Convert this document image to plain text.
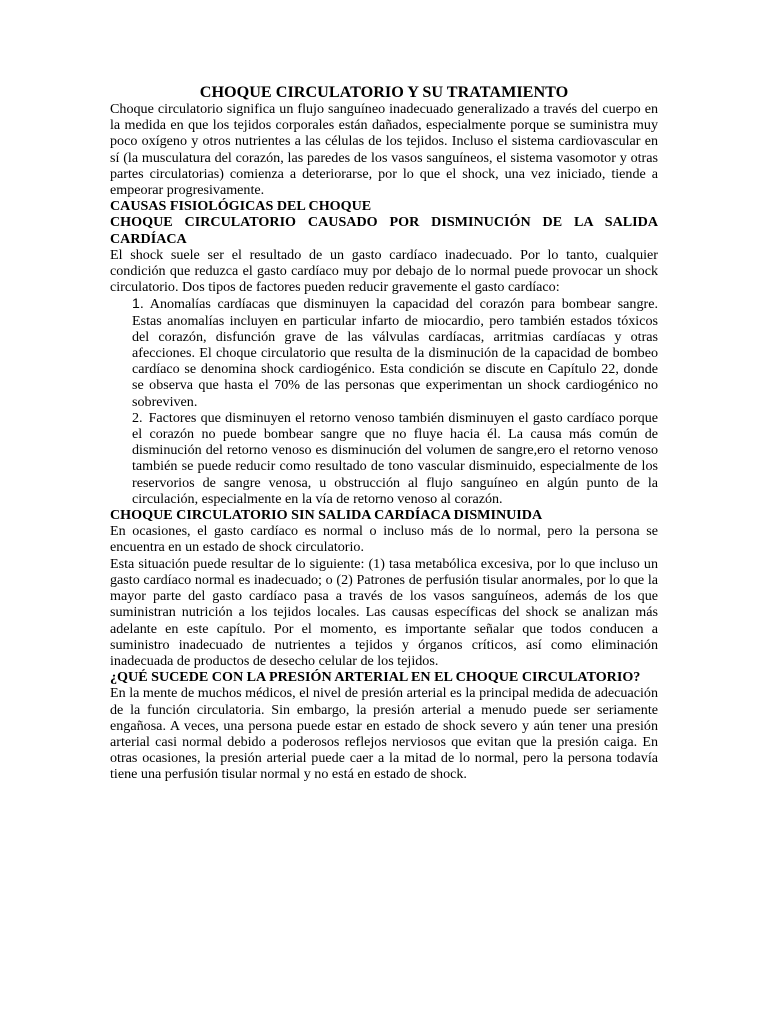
CHOQUE CIRCULATORIO Y SU TRATAMIENTO

Choque circulatorio significa un flujo sanguíneo inadecuado generalizado a través del cuerpo en la medida en que los tejidos corporales están dañados, especialmente porque se suministra muy poco oxígeno y otros nutrientes a las células de los tejidos. Incluso el sistema cardiovascular en sí (la musculatura del corazón, las paredes de los vasos sanguíneos, el sistema vasomotor y otras partes circulatorias) comienza a deteriorarse, por lo que el shock, una vez iniciado, tiende a empeorar progresivamente.

CAUSAS FISIOLÓGICAS DEL CHOQUE
CHOQUE CIRCULATORIO CAUSADO POR DISMINUCIÓN DE LA SALIDA CARDÍACA

El shock suele ser el resultado de un gasto cardíaco inadecuado. Por lo tanto, cualquier condición que reduzca el gasto cardíaco muy por debajo de lo normal puede provocar un shock circulatorio. Dos tipos de factores pueden reducir gravemente el gasto cardíaco:

1. Anomalías cardíacas que disminuyen la capacidad del corazón para bombear sangre. Estas anomalías incluyen en particular infarto de miocardio, pero también estados tóxicos del corazón, disfunción grave de las válvulas cardíacas, arritmias cardíacas y otras afecciones. El choque circulatorio que resulta de la disminución de la capacidad de bombeo cardíaco se denomina shock cardiogénico. Esta condición se discute en Capítulo 22, donde se observa que hasta el 70% de las personas que experimentan un shock cardiogénico no sobreviven.
2. Factores que disminuyen el retorno venoso también disminuyen el gasto cardíaco porque el corazón no puede bombear sangre que no fluye hacia él. La causa más común de disminución del retorno venoso es disminución del volumen de sangre,ero el retorno venoso también se puede reducir como resultado de tono vascular disminuido, especialmente de los reservorios de sangre venosa, u obstrucción al flujo sanguíneo en algún punto de la circulación, especialmente en la vía de retorno venoso al corazón.
CHOQUE CIRCULATORIO SIN SALIDA CARDÍACA DISMINUIDA

En ocasiones, el gasto cardíaco es normal o incluso más de lo normal, pero la persona se encuentra en un estado de shock circulatorio.

Esta situación puede resultar de lo siguiente: (1) tasa metabólica excesiva, por lo que incluso un gasto cardíaco normal es inadecuado; o (2) Patrones de perfusión tisular anormales, por lo que la mayor parte del gasto cardíaco pasa a través de los vasos sanguíneos, además de los que suministran nutrición a los tejidos locales. Las causas específicas del shock se analizan más adelante en este capítulo. Por el momento, es importante señalar que todos conducen a suministro inadecuado de nutrientes a tejidos y órganos críticos, así como eliminación inadecuada de productos de desecho celular de los tejidos.

¿QUÉ SUCEDE CON LA PRESIÓN ARTERIAL EN EL CHOQUE CIRCULATORIO?

En la mente de muchos médicos, el nivel de presión arterial es la principal medida de adecuación de la función circulatoria. Sin embargo, la presión arterial a menudo puede ser seriamente engañosa. A veces, una persona puede estar en estado de shock severo y aún tener una presión arterial casi normal debido a poderosos reflejos nerviosos que evitan que la presión caiga. En otras ocasiones, la presión arterial puede caer a la mitad de lo normal, pero la persona todavía tiene una perfusión tisular normal y no está en estado de shock.
